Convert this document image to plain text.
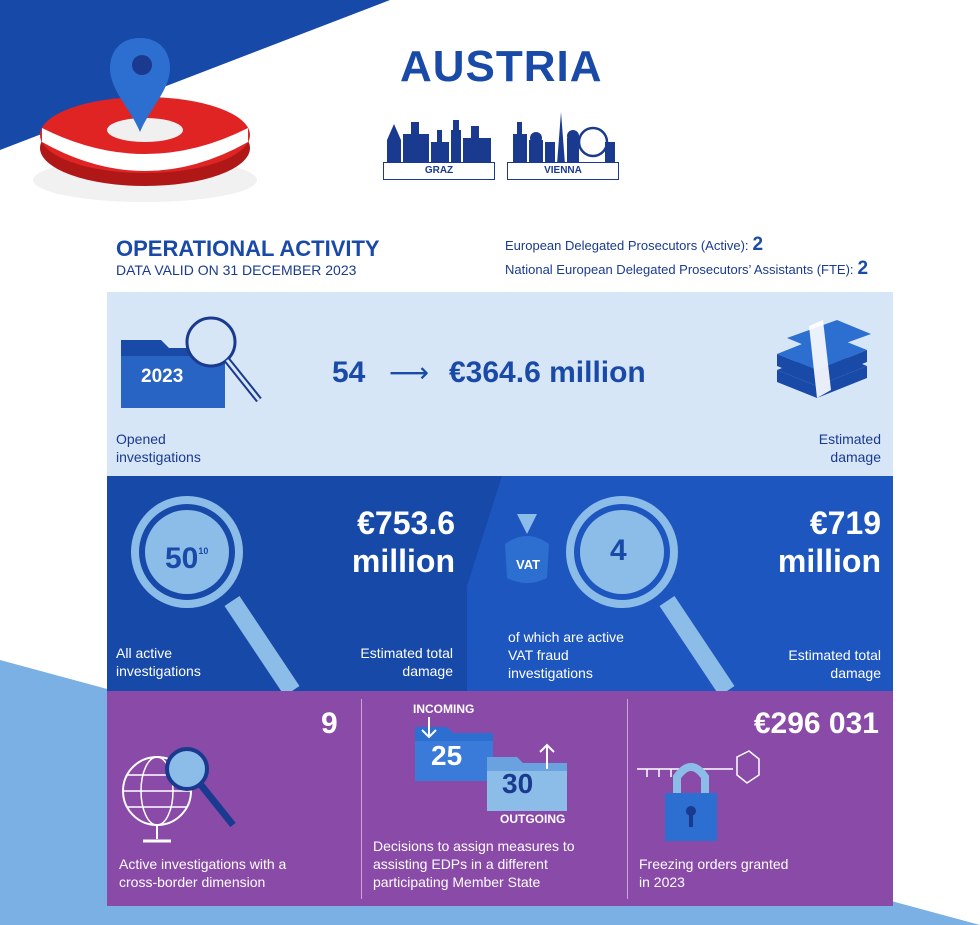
AUSTRIA
GRAZ	VIENNA
OPERATIONAL ACTIVITY
DATA VALID ON 31 DECEMBER 2023
European Delegated Prosecutors (Active): 2
National European Delegated Prosecutors’ Assistants (FTE): 2
2023	54 ⟶ €364.6 million
Opened investigations
Estimated damage
$50^{10}$
€753.6
million
All active investigations
Estimated total damage
VAT 4
€719
million
of which are active VAT fraud investigations
Estimated total damage
9
Active investigations with a cross-border dimension
INCOMING
25
30
OUTGOING
Decisions to assign measures to assisting EDPs in a different participating Member State
€296 031
Freezing orders granted in 2023
